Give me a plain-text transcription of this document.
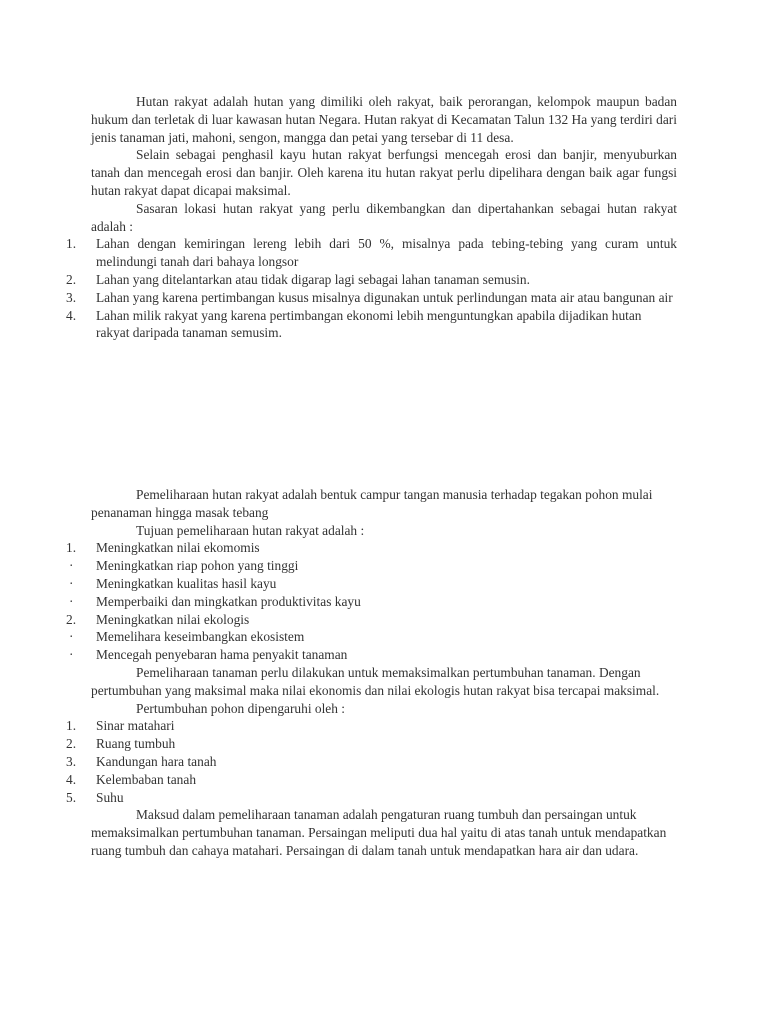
Hutan rakyat adalah hutan yang dimiliki oleh rakyat, baik perorangan, kelompok maupun badan hukum dan terletak di luar kawasan hutan Negara. Hutan rakyat di Kecamatan Talun 132 Ha yang terdiri dari jenis tanaman jati, mahoni, sengon, mangga dan petai yang tersebar di 11 desa.

Selain sebagai penghasil kayu hutan rakyat berfungsi mencegah erosi dan banjir, menyuburkan tanah dan mencegah erosi dan banjir. Oleh karena itu hutan rakyat perlu dipelihara dengan baik agar fungsi hutan rakyat dapat dicapai maksimal.

Sasaran lokasi hutan rakyat yang perlu dikembangkan dan dipertahankan sebagai hutan rakyat adalah :

1.	Lahan dengan kemiringan lereng lebih dari 50 %, misalnya pada tebing-tebing yang curam untuk melindungi tanah dari bahaya longsor
2.	Lahan yang ditelantarkan atau tidak digarap lagi sebagai lahan tanaman semusin.
3.	Lahan yang karena pertimbangan kusus misalnya digunakan untuk perlindungan mata air atau bangunan air
4.	Lahan milik rakyat yang karena pertimbangan ekonomi lebih menguntungkan apabila dijadikan hutan rakyat daripada tanaman semusim.

Pemeliharaan hutan rakyat adalah bentuk campur tangan manusia terhadap tegakan pohon mulai penanaman hingga masak tebang

Tujuan pemeliharaan hutan rakyat adalah :

1.	Meningkatkan nilai ekomomis
·	Meningkatkan riap pohon yang tinggi
·	Meningkatkan kualitas hasil kayu
·	Memperbaiki dan mingkatkan produktivitas kayu
2.	Meningkatkan nilai ekologis
·	Memelihara keseimbangkan ekosistem
·	Mencegah penyebaran hama penyakit tanaman

Pemeliharaan tanaman perlu dilakukan untuk memaksimalkan pertumbuhan tanaman. Dengan pertumbuhan yang maksimal maka nilai ekonomis dan nilai ekologis hutan rakyat bisa tercapai maksimal.

Pertumbuhan pohon dipengaruhi oleh :

1.	Sinar matahari
2.	Ruang tumbuh
3.	Kandungan hara tanah
4.	Kelembaban tanah
5.	Suhu

Maksud dalam pemeliharaan tanaman adalah pengaturan ruang tumbuh dan persaingan untuk memaksimalkan pertumbuhan tanaman. Persaingan meliputi dua hal yaitu di atas tanah untuk mendapatkan ruang tumbuh dan cahaya matahari. Persaingan di dalam tanah untuk mendapatkan hara air dan udara.
